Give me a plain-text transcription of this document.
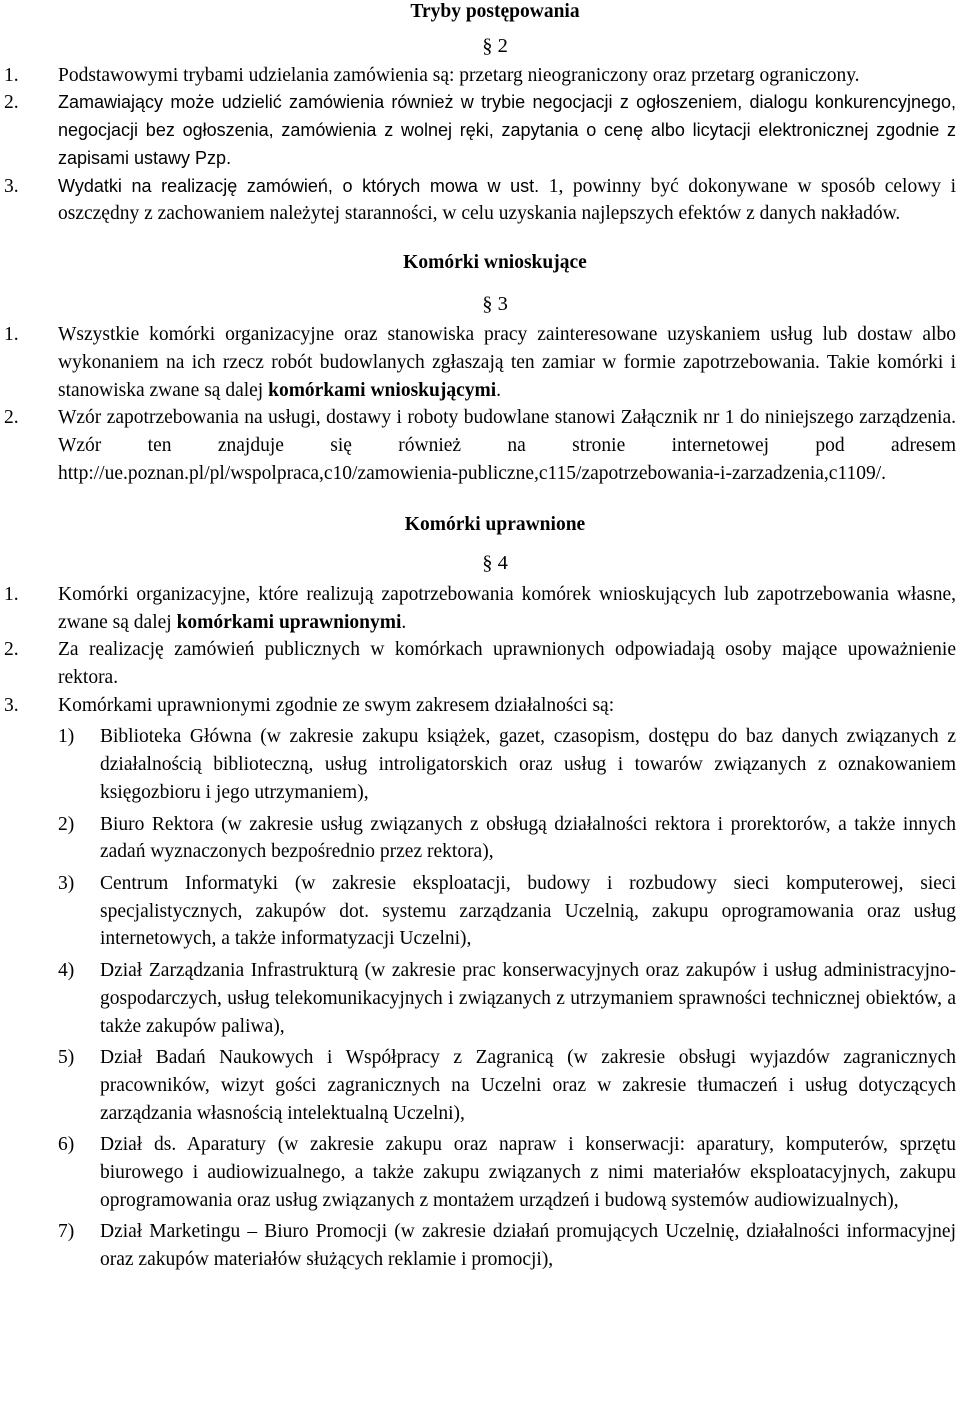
Tryby postępowania

§ 2

1. Podstawowymi trybami udzielania zamówienia są: przetarg nieograniczony oraz przetarg ograniczony.
2. Zamawiający może udzielić zamówienia również w trybie negocjacji z ogłoszeniem, dialogu konkurencyjnego, negocjacji bez ogłoszenia, zamówienia z wolnej ręki, zapytania o cenę albo licytacji elektronicznej zgodnie z zapisami ustawy Pzp.
3. Wydatki na realizację zamówień, o których mowa w ust. 1, powinny być dokonywane w sposób celowy i oszczędny z zachowaniem należytej staranności, w celu uzyskania najlepszych efektów z danych nakładów.

Komórki wnioskujące

§ 3

1. Wszystkie komórki organizacyjne oraz stanowiska pracy zainteresowane uzyskaniem usług lub dostaw albo wykonaniem na ich rzecz robót budowlanych zgłaszają ten zamiar w formie zapotrzebowania. Takie komórki i stanowiska zwane są dalej komórkami wnioskującymi.
2. Wzór zapotrzebowania na usługi, dostawy i roboty budowlane stanowi Załącznik nr 1 do niniejszego zarządzenia. Wzór ten znajduje się również na stronie internetowej pod adresem http://ue.poznan.pl/pl/wspolpraca,c10/zamowienia-publiczne,c115/zapotrzebowania-i-zarzadzenia,c1109/.

Komórki uprawnione

§ 4

1. Komórki organizacyjne, które realizują zapotrzebowania komórek wnioskujących lub zapotrzebowania własne, zwane są dalej komórkami uprawnionymi.
2. Za realizację zamówień publicznych w komórkach uprawnionych odpowiadają osoby mające upoważnienie rektora.
3. Komórkami uprawnionymi zgodnie ze swym zakresem działalności są:
1) Biblioteka Główna (w zakresie zakupu książek, gazet, czasopism, dostępu do baz danych związanych z działalnością biblioteczną, usług introligatorskich oraz usług i towarów związanych z oznakowaniem księgozbioru i jego utrzymaniem),
2) Biuro Rektora (w zakresie usług związanych z obsługą działalności rektora i prorektorów, a także innych zadań wyznaczonych bezpośrednio przez rektora),
3) Centrum Informatyki (w zakresie eksploatacji, budowy i rozbudowy sieci komputerowej, sieci specjalistycznych, zakupów dot. systemu zarządzania Uczelnią, zakupu oprogramowania oraz usług internetowych, a także informatyzacji Uczelni),
4) Dział Zarządzania Infrastrukturą (w zakresie prac konserwacyjnych oraz zakupów i usług administracyjno-gospodarczych, usług telekomunikacyjnych i związanych z utrzymaniem sprawności technicznej obiektów, a także zakupów paliwa),
5) Dział Badań Naukowych i Współpracy z Zagranicą (w zakresie obsługi wyjazdów zagranicznych pracowników, wizyt gości zagranicznych na Uczelni oraz w zakresie tłumaczeń i usług dotyczących zarządzania własnością intelektualną Uczelni),
6) Dział ds. Aparatury (w zakresie zakupu oraz napraw i konserwacji: aparatury, komputerów, sprzętu biurowego i audiowizualnego, a także zakupu związanych z nimi materiałów eksploatacyjnych, zakupu oprogramowania oraz usług związanych z montażem urządzeń i budową systemów audiowizualnych),
7) Dział Marketingu – Biuro Promocji (w zakresie działań promujących Uczelnię, działalności informacyjnej oraz zakupów materiałów służących reklamie i promocji),
